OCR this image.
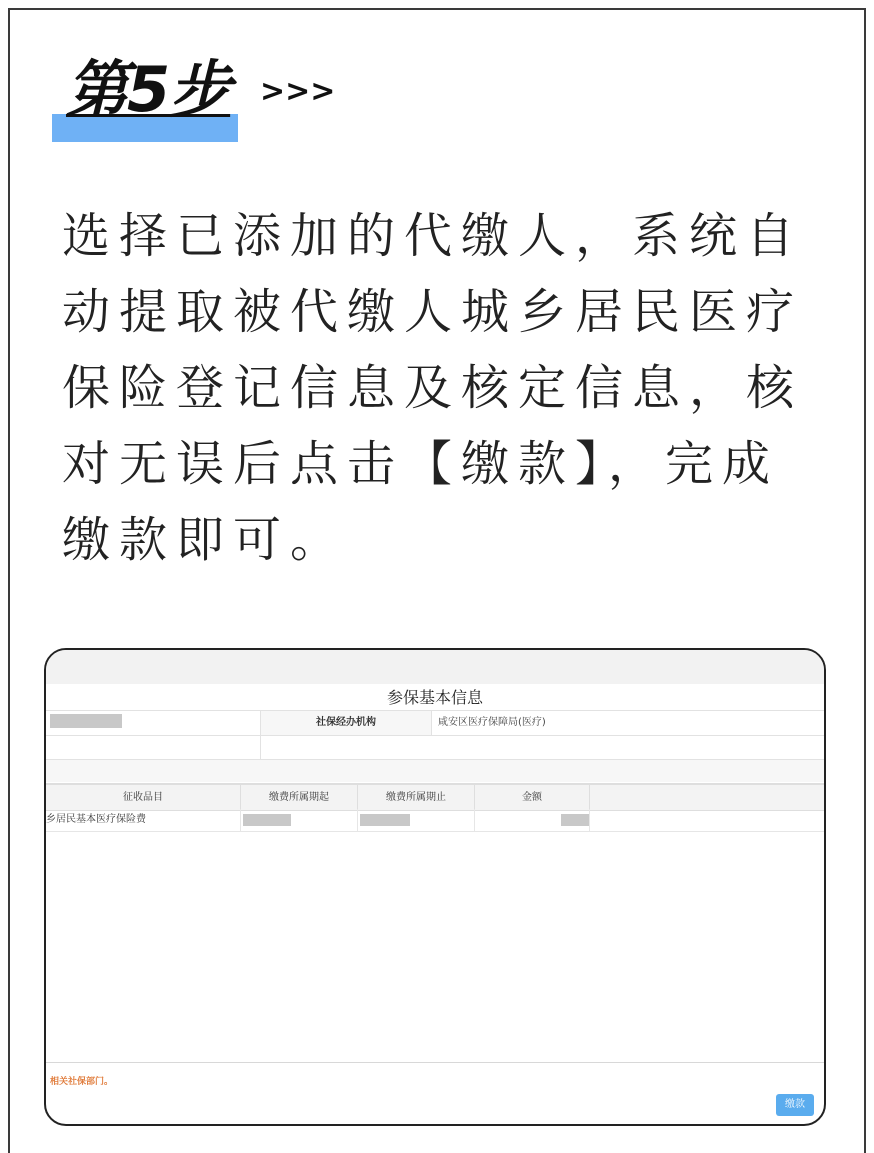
第5步 >>>
选择已添加的代缴人，系统自动提取被代缴人城乡居民医疗保险登记信息及核定信息，核对无误后点击【缴款】，完成缴款即可。
参保基本信息
社保经办机构	咸安区医疗保障局(医疗)
征收品目	缴费所属期起	缴费所属期止	金额
乡居民基本医疗保险费
相关社保部门。
缴款
